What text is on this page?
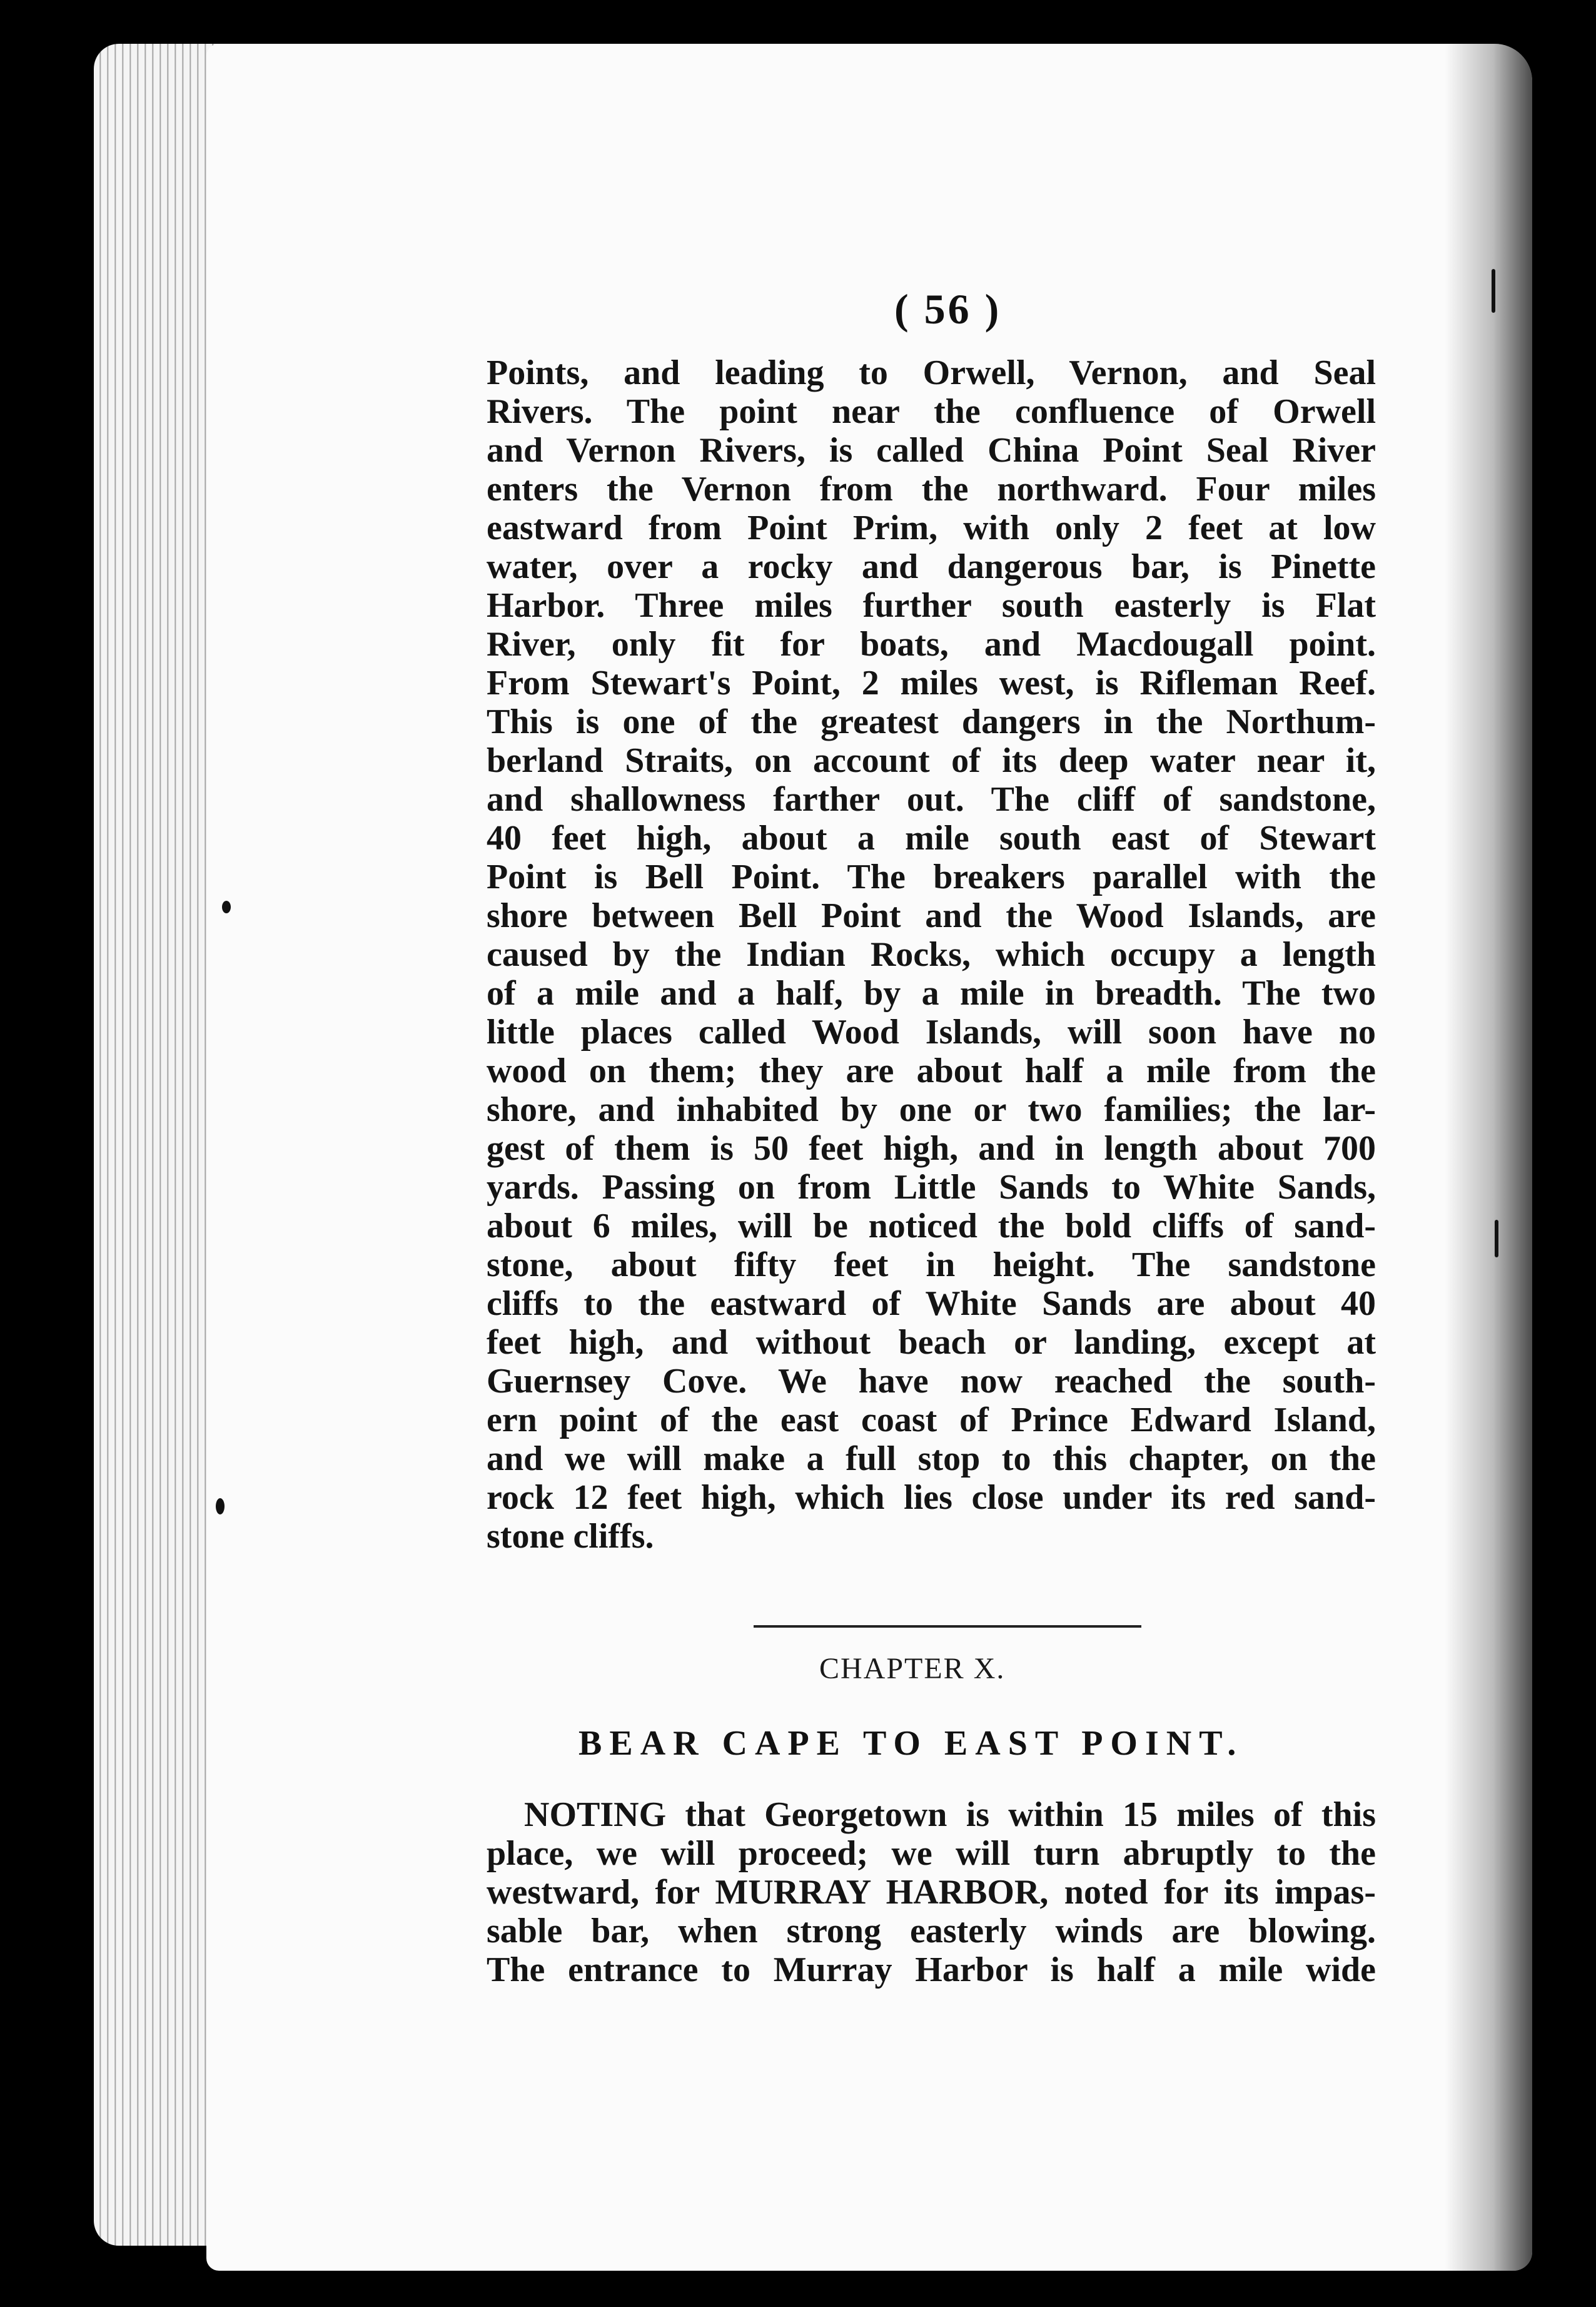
( 56 )
Points, and leading to Orwell, Vernon, and Seal
Rivers. The point near the confluence of Orwell
and Vernon Rivers, is called China Point Seal River
enters the Vernon from the northward. Four miles
eastward from Point Prim, with only 2 feet at low
water, over a rocky and dangerous bar, is Pinette
Harbor. Three miles further south easterly is Flat
River, only fit for boats, and Macdougall point.
From Stewart's Point, 2 miles west, is Rifleman Reef.
This is one of the greatest dangers in the Northum-
berland Straits, on account of its deep water near it,
and shallowness farther out. The cliff of sandstone,
40 feet high, about a mile south east of Stewart
Point is Bell Point. The breakers parallel with the
shore between Bell Point and the Wood Islands, are
caused by the Indian Rocks, which occupy a length
of a mile and a half, by a mile in breadth. The two
little places called Wood Islands, will soon have no
wood on them; they are about half a mile from the
shore, and inhabited by one or two families; the lar-
gest of them is 50 feet high, and in length about 700
yards. Passing on from Little Sands to White Sands,
about 6 miles, will be noticed the bold cliffs of sand-
stone, about fifty feet in height. The sandstone
cliffs to the eastward of White Sands are about 40
feet high, and without beach or landing, except at
Guernsey Cove. We have now reached the south-
ern point of the east coast of Prince Edward Island,
and we will make a full stop to this chapter, on the
rock 12 feet high, which lies close under its red sand-
stone cliffs.
CHAPTER X.
BEAR CAPE TO EAST POINT.
NOTING that Georgetown is within 15 miles of this
place, we will proceed; we will turn abruptly to the
westward, for MURRAY HARBOR, noted for its impas-
sable bar, when strong easterly winds are blowing.
The entrance to Murray Harbor is half a mile wide
